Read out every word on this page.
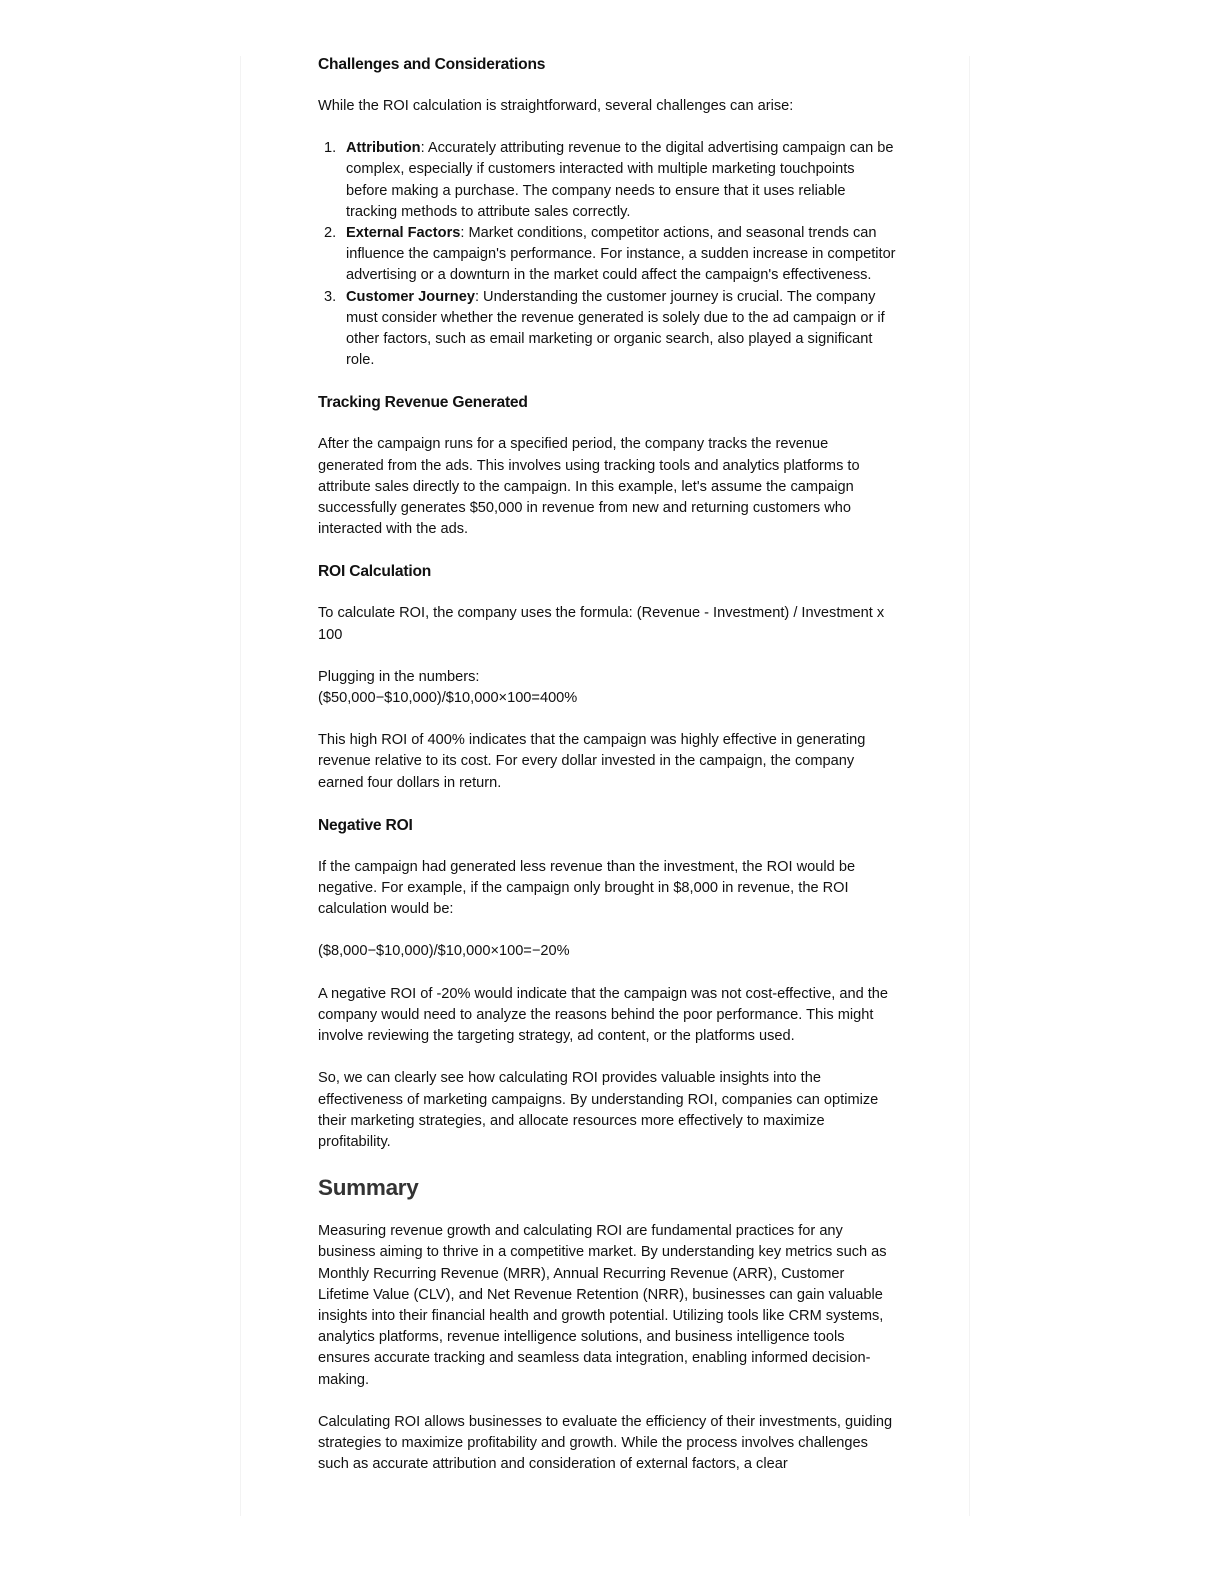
Challenges and Considerations
While the ROI calculation is straightforward, several challenges can arise:
1. Attribution: Accurately attributing revenue to the digital advertising campaign can be complex, especially if customers interacted with multiple marketing touchpoints before making a purchase. The company needs to ensure that it uses reliable tracking methods to attribute sales correctly.
2. External Factors: Market conditions, competitor actions, and seasonal trends can influence the campaign's performance. For instance, a sudden increase in competitor advertising or a downturn in the market could affect the campaign's effectiveness.
3. Customer Journey: Understanding the customer journey is crucial. The company must consider whether the revenue generated is solely due to the ad campaign or if other factors, such as email marketing or organic search, also played a significant role.
Tracking Revenue Generated
After the campaign runs for a specified period, the company tracks the revenue generated from the ads. This involves using tracking tools and analytics platforms to attribute sales directly to the campaign. In this example, let's assume the campaign successfully generates $50,000 in revenue from new and returning customers who interacted with the ads.
ROI Calculation
To calculate ROI, the company uses the formula: (Revenue - Investment) / Investment x 100
Plugging in the numbers:
($50,000−$10,000)/$10,000×100=400%
This high ROI of 400% indicates that the campaign was highly effective in generating revenue relative to its cost. For every dollar invested in the campaign, the company earned four dollars in return.
Negative ROI
If the campaign had generated less revenue than the investment, the ROI would be negative. For example, if the campaign only brought in $8,000 in revenue, the ROI calculation would be:
($8,000−$10,000)/$10,000×100=−20%
A negative ROI of -20% would indicate that the campaign was not cost-effective, and the company would need to analyze the reasons behind the poor performance. This might involve reviewing the targeting strategy, ad content, or the platforms used.
So, we can clearly see how calculating ROI provides valuable insights into the effectiveness of marketing campaigns. By understanding ROI, companies can optimize their marketing strategies, and allocate resources more effectively to maximize profitability.
Summary
Measuring revenue growth and calculating ROI are fundamental practices for any business aiming to thrive in a competitive market. By understanding key metrics such as Monthly Recurring Revenue (MRR), Annual Recurring Revenue (ARR), Customer Lifetime Value (CLV), and Net Revenue Retention (NRR), businesses can gain valuable insights into their financial health and growth potential. Utilizing tools like CRM systems, analytics platforms, revenue intelligence solutions, and business intelligence tools ensures accurate tracking and seamless data integration, enabling informed decision-making.
Calculating ROI allows businesses to evaluate the efficiency of their investments, guiding strategies to maximize profitability and growth. While the process involves challenges such as accurate attribution and consideration of external factors, a clear
